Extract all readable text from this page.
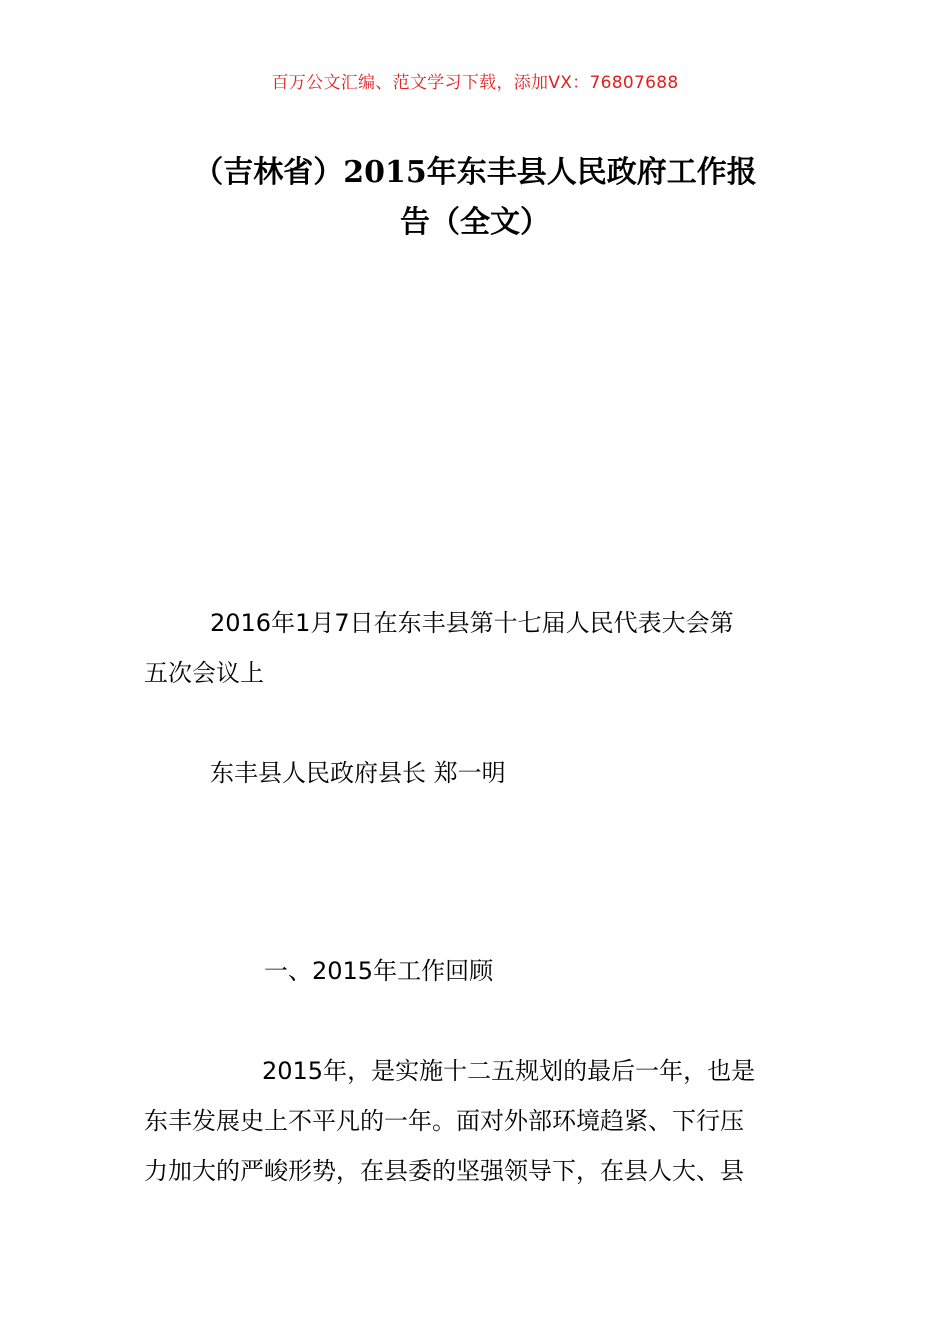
百万公文汇编、范文学习下载，添加VX：76807688
（吉林省）2015年东丰县人民政府工作报
告（全文）
2016年1月7日在东丰县第十七届人民代表大会第
五次会议上
东丰县人民政府县长 郑一明
一、2015年工作回顾
2015年，是实施十二五规划的最后一年，也是
东丰发展史上不平凡的一年。面对外部环境趋紧、下行压
力加大的严峻形势，在县委的坚强领导下，在县人大、县
